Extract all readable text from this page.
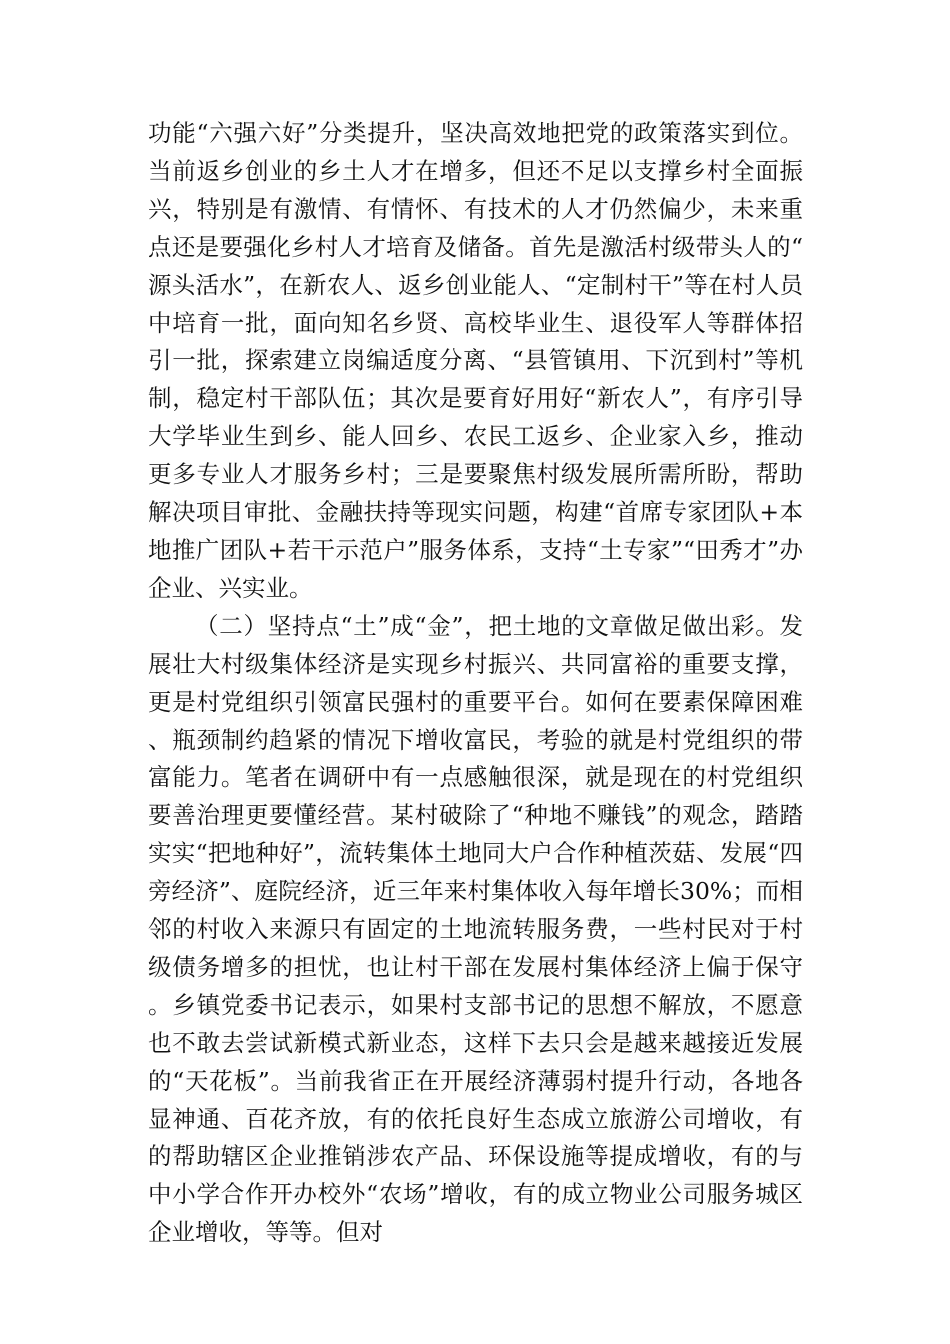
功能“六强六好”分类提升，坚决高效地把党的政策落实到位。当前返乡创业的乡土人才在增多，但还不足以支撑乡村全面振兴，特别是有激情、有情怀、有技术的人才仍然偏少，未来重点还是要强化乡村人才培育及储备。首先是激活村级带头人的“源头活水”，在新农人、返乡创业能人、“定制村干”等在村人员中培育一批，面向知名乡贤、高校毕业生、退役军人等群体招引一批，探索建立岗编适度分离、“县管镇用、下沉到村”等机制，稳定村干部队伍；其次是要育好用好“新农人”，有序引导大学毕业生到乡、能人回乡、农民工返乡、企业家入乡，推动更多专业人才服务乡村；三是要聚焦村级发展所需所盼，帮助解决项目审批、金融扶持等现实问题，构建“首席专家团队+本地推广团队+若干示范户”服务体系，支持“土专家”“田秀才”办企业、兴实业。

（二）坚持点“土”成“金”，把土地的文章做足做出彩。发展壮大村级集体经济是实现乡村振兴、共同富裕的重要支撑，更是村党组织引领富民强村的重要平台。如何在要素保障困难、瓶颈制约趋紧的情况下增收富民，考验的就是村党组织的带富能力。笔者在调研中有一点感触很深，就是现在的村党组织要善治理更要懂经营。某村破除了“种地不赚钱”的观念，踏踏实实“把地种好”，流转集体土地同大户合作种植茨菇、发展“四旁经济”、庭院经济，近三年来村集体收入每年增长30%；而相邻的村收入来源只有固定的土地流转服务费，一些村民对于村级债务增多的担忧，也让村干部在发展村集体经济上偏于保守。乡镇党委书记表示，如果村支部书记的思想不解放，不愿意也不敢去尝试新模式新业态，这样下去只会是越来越接近发展的“天花板”。当前我省正在开展经济薄弱村提升行动，各地各显神通、百花齐放，有的依托良好生态成立旅游公司增收，有的帮助辖区企业推销涉农产品、环保设施等提成增收，有的与中小学合作开办校外“农场”增收，有的成立物业公司服务城区企业增收，等等。但对
